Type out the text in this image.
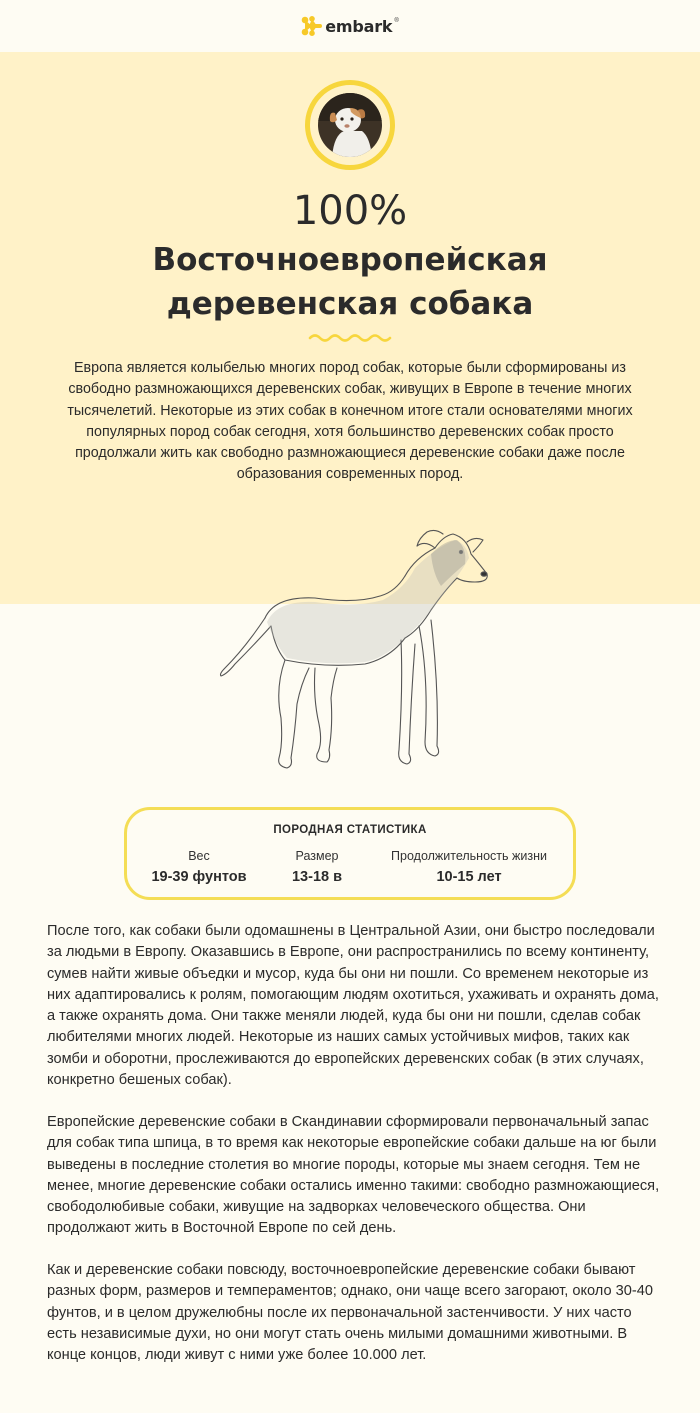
embark ®
100%
Восточноевропейская деревенская собака

Европа является колыбелью многих пород собак, которые были сформированы из свободно размножающихся деревенских собак, живущих в Европе в течение многих тысячелетий. Некоторые из этих собак в конечном итоге стали основателями многих популярных пород собак сегодня, хотя большинство деревенских собак просто продолжали жить как свободно размножающиеся деревенские собаки даже после образования современных пород.

ПОРОДНАЯ СТАТИСТИКА
Вес
19-39 фунтов
Размер
13-18 в
Продолжительность жизни
10-15 лет

После того, как собаки были одомашнены в Центральной Азии, они быстро последовали за людьми в Европу. Оказавшись в Европе, они распространились по всему континенту, сумев найти живые объедки и мусор, куда бы они ни пошли. Со временем некоторые из них адаптировались к ролям, помогающим людям охотиться, ухаживать и охранять дома, а также охранять дома. Они также меняли людей, куда бы они ни пошли, сделав собак любителями многих людей. Некоторые из наших самых устойчивых мифов, таких как зомби и оборотни, прослеживаются до европейских деревенских собак (в этих случаях, конкретно бешеных собак).

Европейские деревенские собаки в Скандинавии сформировали первоначальный запас для собак типа шпица, в то время как некоторые европейские собаки дальше на юг были выведены в последние столетия во многие породы, которые мы знаем сегодня. Тем не менее, многие деревенские собаки остались именно такими: свободно размножающиеся, свободолюбивые собаки, живущие на задворках человеческого общества. Они продолжают жить в Восточной Европе по сей день.

Как и деревенские собаки повсюду, восточноевропейские деревенские собаки бывают разных форм, размеров и темпераментов; однако, они чаще всего загорают, около 30-40 фунтов, и в целом дружелюбны после их первоначальной застенчивости. У них часто есть независимые духи, но они могут стать очень милыми домашними животными. В конце концов, люди живут с ними уже более 10.000 лет.
